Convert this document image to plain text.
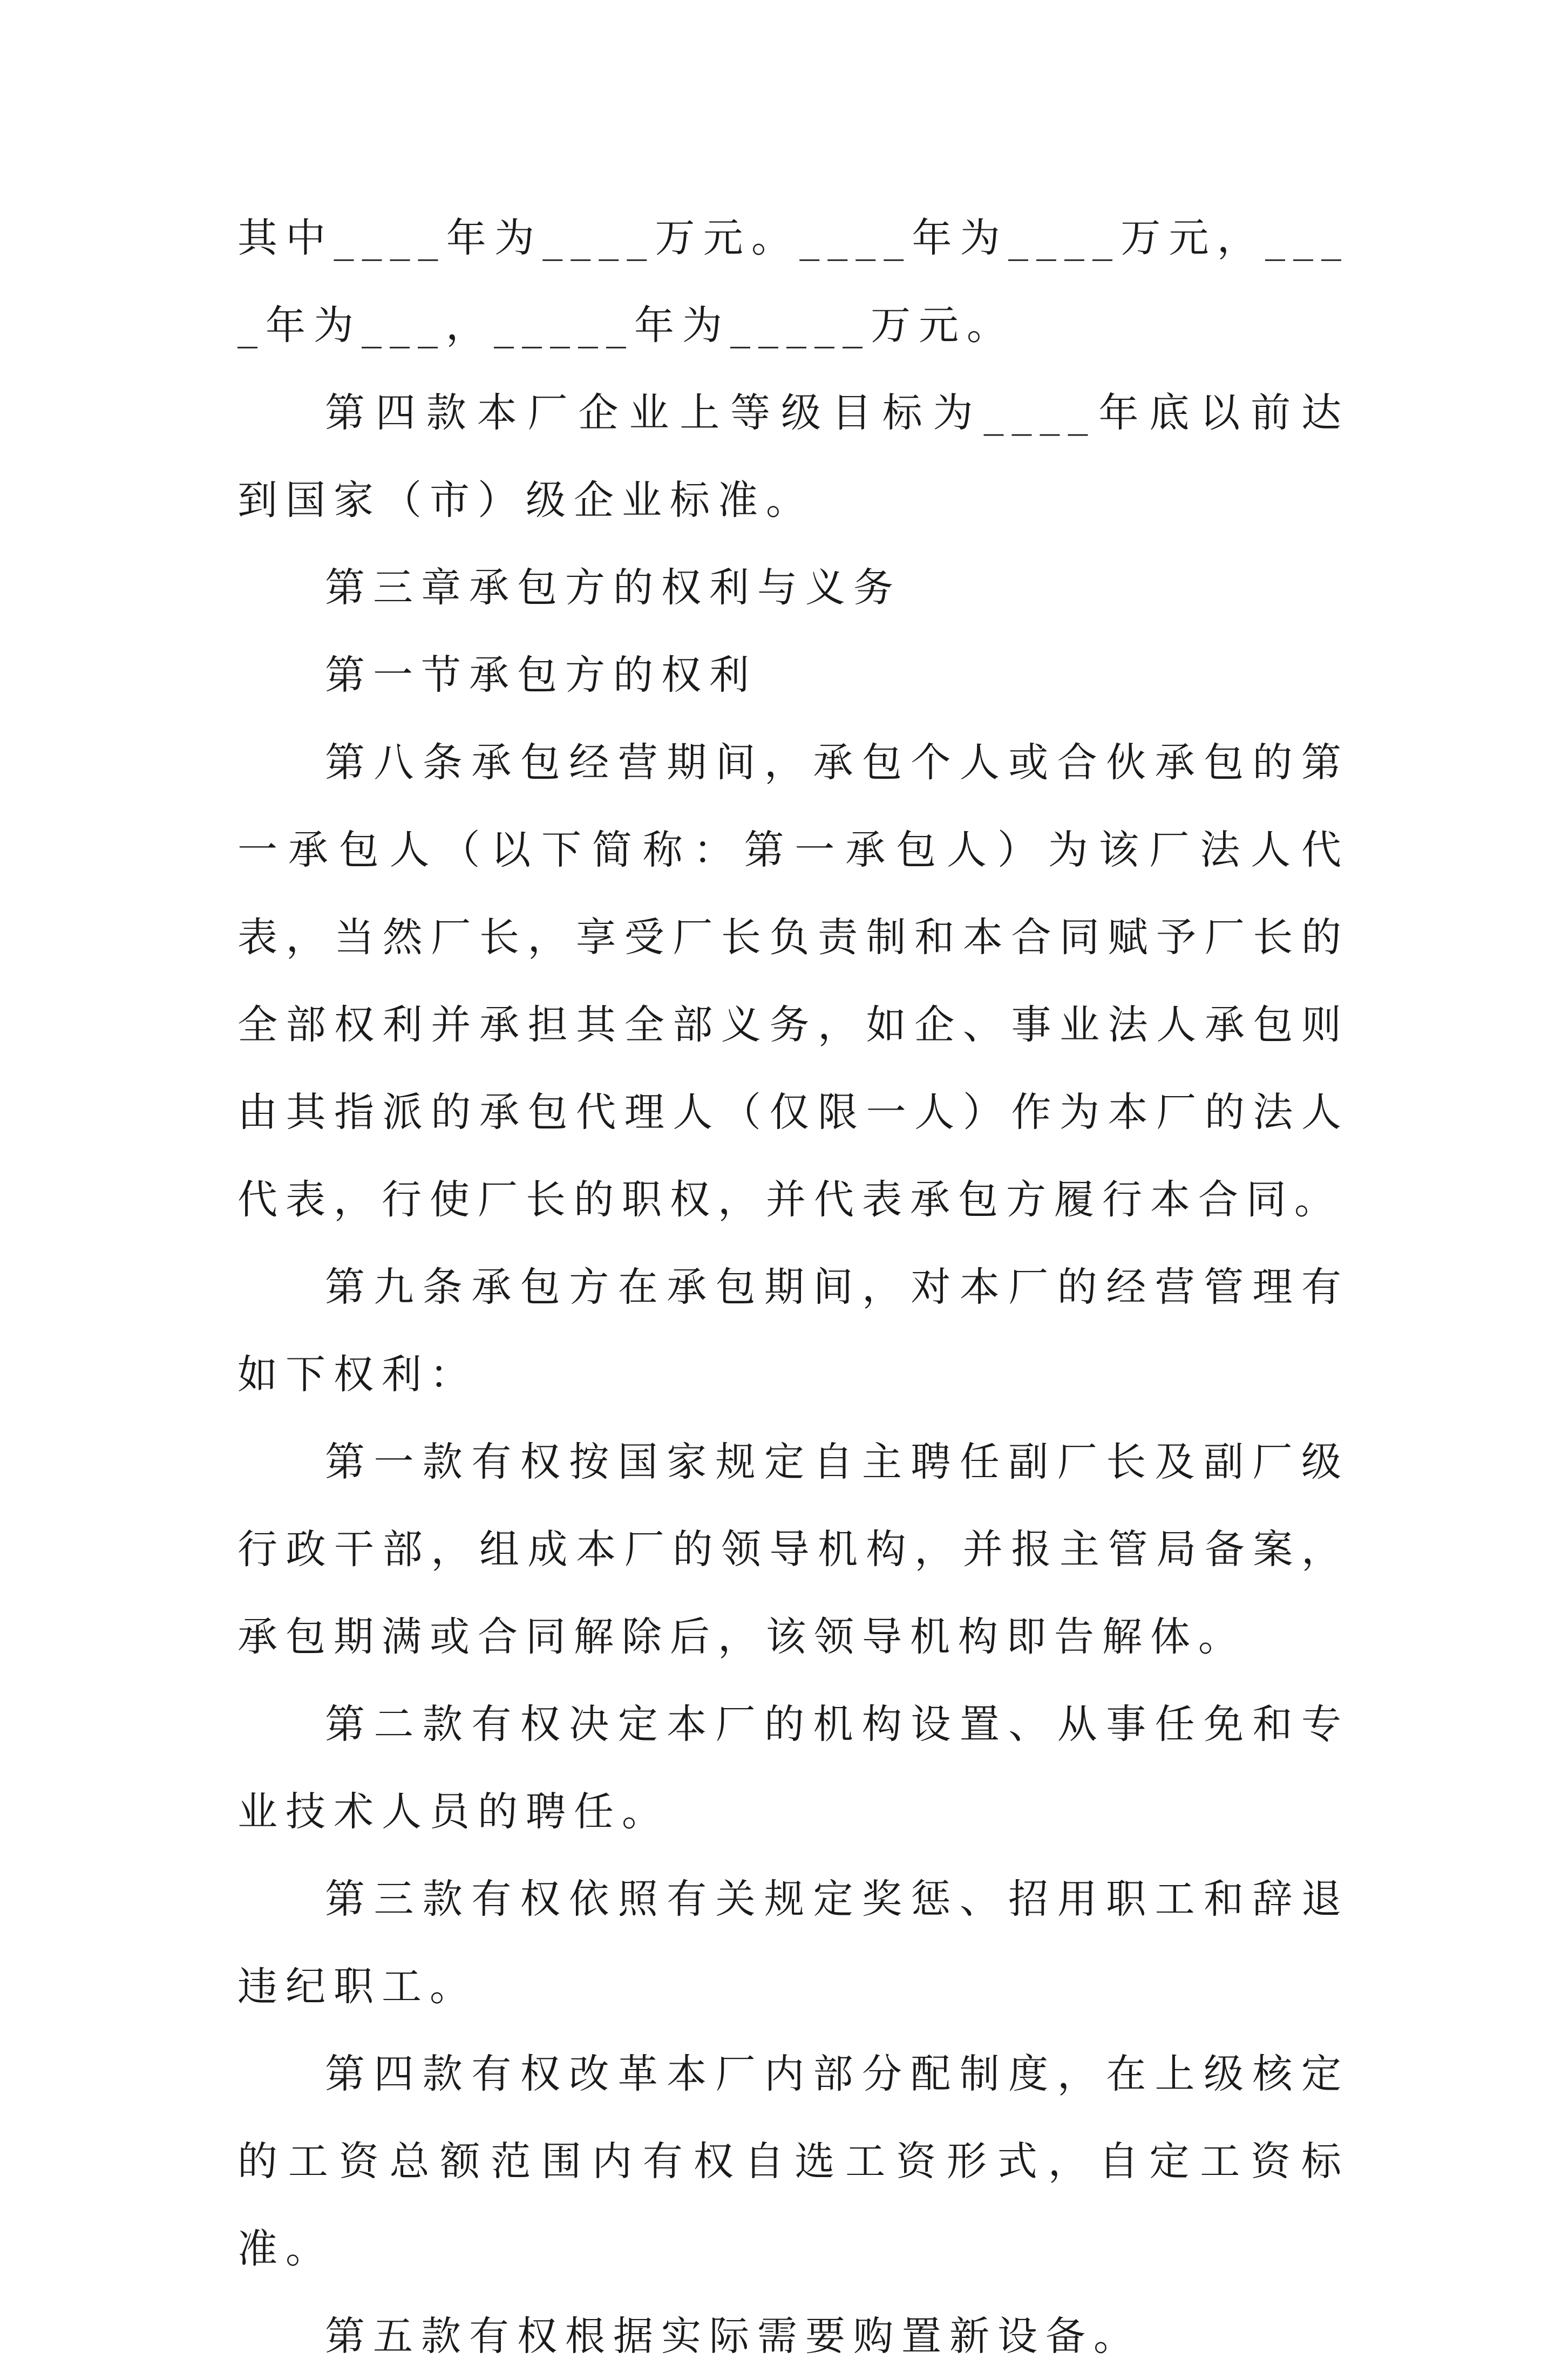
其中____年为____万元。____年为____万元，____年为___，_____年为_____万元。

第四款本厂企业上等级目标为____年底以前达到国家（市）级企业标准。

第三章承包方的权利与义务

第一节承包方的权利

第八条承包经营期间，承包个人或合伙承包的第一承包人（以下简称：第一承包人）为该厂法人代表，当然厂长，享受厂长负责制和本合同赋予厂长的全部权利并承担其全部义务，如企、事业法人承包则由其指派的承包代理人（仅限一人）作为本厂的法人代表，行使厂长的职权，并代表承包方履行本合同。

第九条承包方在承包期间，对本厂的经营管理有如下权利：

第一款有权按国家规定自主聘任副厂长及副厂级行政干部，组成本厂的领导机构，并报主管局备案，承包期满或合同解除后，该领导机构即告解体。

第二款有权决定本厂的机构设置、从事任免和专业技术人员的聘任。

第三款有权依照有关规定奖惩、招用职工和辞退违纪职工。

第四款有权改革本厂内部分配制度，在上级核定的工资总额范围内有权自选工资形式，自定工资标准。

第五款有权根据实际需要购置新设备。
